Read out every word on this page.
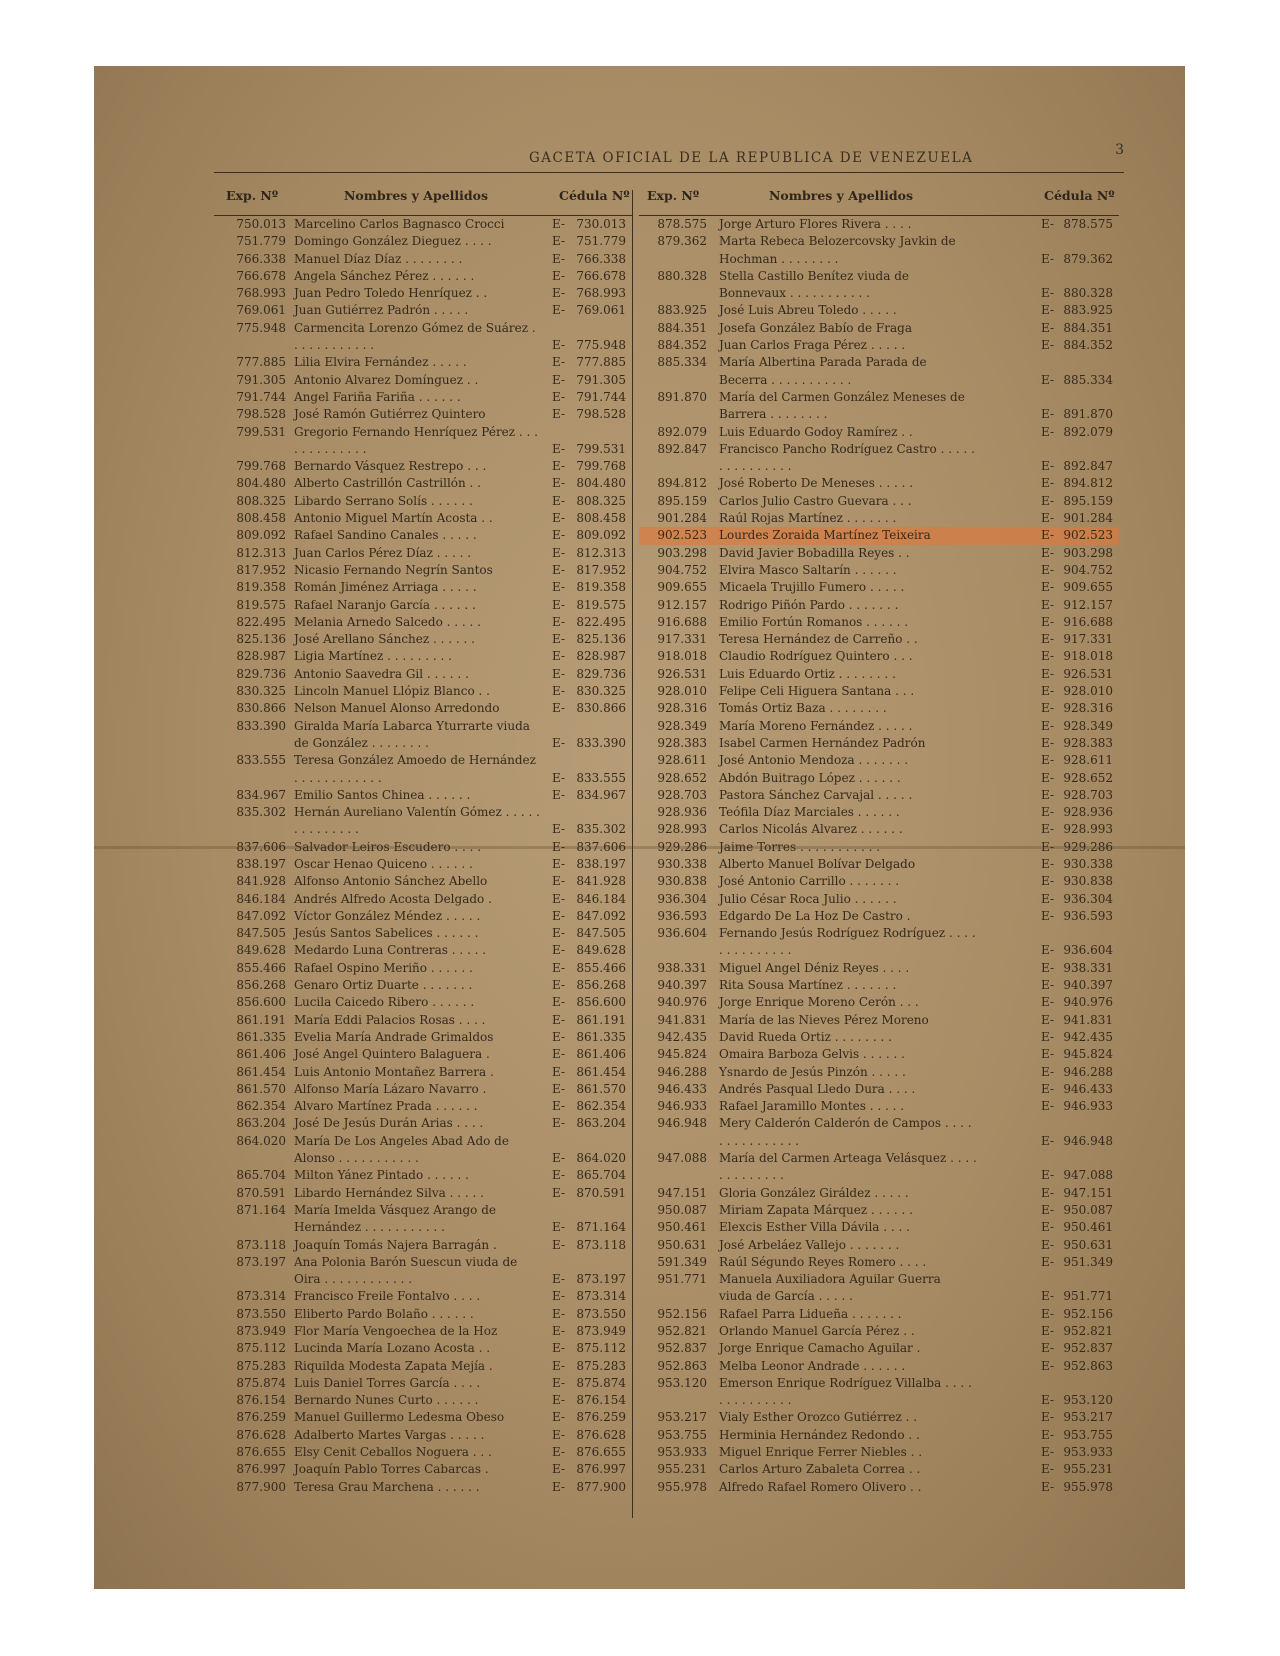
GACETA OFICIAL DE LA REPUBLICA DE VENEZUELA	3
Exp. Nº	Nombres y Apellidos	Cédula Nº
750.013 Marcelino Carlos Bagnasco Crocci	E- 730.013
751.779 Domingo González Dieguez . . . .	E- 751.779
766.338 Manuel Díaz Díaz . . . . . . . .	E- 766.338
766.678 Angela Sánchez Pérez . . . . . .	E- 766.678
768.993 Juan Pedro Toledo Henríquez . .	E- 768.993
769.061 Juan Gutiérrez Padrón . . . . .	E- 769.061
775.948 Carmencita Lorenzo Gómez de Suárez . . . . . . . . . . . .	E- 775.948
777.885 Lilia Elvira Fernández . . . . .	E- 777.885
791.305 Antonio Alvarez Domínguez . .	E- 791.305
791.744 Angel Fariña Fariña . . . . . .	E- 791.744
798.528 José Ramón Gutiérrez Quintero	E- 798.528
799.531 Gregorio Fernando Henríquez Pérez . . . . . . . . . . . . .	E- 799.531
799.768 Bernardo Vásquez Restrepo . . .	E- 799.768
804.480 Alberto Castrillón Castrillón . .	E- 804.480
808.325 Libardo Serrano Solís . . . . . .	E- 808.325
808.458 Antonio Miguel Martín Acosta . .	E- 808.458
809.092 Rafael Sandino Canales . . . . .	E- 809.092
812.313 Juan Carlos Pérez Díaz . . . . .	E- 812.313
817.952 Nicasio Fernando Negrín Santos	E- 817.952
819.358 Román Jiménez Arriaga . . . . .	E- 819.358
819.575 Rafael Naranjo García . . . . . .	E- 819.575
822.495 Melania Arnedo Salcedo . . . . .	E- 822.495
825.136 José Arellano Sánchez . . . . . .	E- 825.136
828.987 Ligia Martínez . . . . . . . . .	E- 828.987
829.736 Antonio Saavedra Gil . . . . . .	E- 829.736
830.325 Lincoln Manuel Llópiz Blanco . .	E- 830.325
830.866 Nelson Manuel Alonso Arredondo	E- 830.866
833.390 Giralda María Labarca Yturrarte viuda de González . . . . . . . .	E- 833.390
833.555 Teresa González Amoedo de Hernández . . . . . . . . . . . .	E- 833.555
834.967 Emilio Santos Chinea . . . . . .	E- 834.967
835.302 Hernán Aureliano Valentín Gómez . . . . . . . . . . . . . .	E- 835.302
837.606 Salvador Leiros Escudero . . . .	E- 837.606
838.197 Oscar Henao Quiceno . . . . . .	E- 838.197
841.928 Alfonso Antonio Sánchez Abello	E- 841.928
846.184 Andrés Alfredo Acosta Delgado .	E- 846.184
847.092 Víctor González Méndez . . . . .	E- 847.092
847.505 Jesús Santos Sabelices . . . . . .	E- 847.505
849.628 Medardo Luna Contreras . . . . .	E- 849.628
855.466 Rafael Ospino Meriño . . . . . .	E- 855.466
856.268 Genaro Ortiz Duarte . . . . . . .	E- 856.268
856.600 Lucila Caicedo Ribero . . . . . .	E- 856.600
861.191 María Eddi Palacios Rosas . . . .	E- 861.191
861.335 Evelia María Andrade Grimaldos	E- 861.335
861.406 José Angel Quintero Balaguera .	E- 861.406
861.454 Luis Antonio Montañez Barrera .	E- 861.454
861.570 Alfonso María Lázaro Navarro .	E- 861.570
862.354 Alvaro Martínez Prada . . . . . .	E- 862.354
863.204 José De Jesús Durán Arias . . . .	E- 863.204
864.020 María De Los Angeles Abad Ado de Alonso . . . . . . . . . . .	E- 864.020
865.704 Milton Yánez Pintado . . . . . .	E- 865.704
870.591 Libardo Hernández Silva . . . . .	E- 870.591
871.164 María Imelda Vásquez Arango de Hernández . . . . . . . . . . .	E- 871.164
873.118 Joaquín Tomás Najera Barragán .	E- 873.118
873.197 Ana Polonia Barón Suescun viuda de Oira . . . . . . . . . . . .	E- 873.197
873.314 Francisco Freile Fontalvo . . . .	E- 873.314
873.550 Eliberto Pardo Bolaño . . . . . .	E- 873.550
873.949 Flor María Vengoechea de la Hoz	E- 873.949
875.112 Lucinda María Lozano Acosta . .	E- 875.112
875.283 Riquilda Modesta Zapata Mejía .	E- 875.283
875.874 Luis Daniel Torres García . . . .	E- 875.874
876.154 Bernardo Nunes Curto . . . . . .	E- 876.154
876.259 Manuel Guillermo Ledesma Obeso	E- 876.259
876.628 Adalberto Martes Vargas . . . . .	E- 876.628
876.655 Elsy Cenit Ceballos Noguera . . .	E- 876.655
876.997 Joaquín Pablo Torres Cabarcas .	E- 876.997
877.900 Teresa Grau Marchena . . . . . .	E- 877.900
Exp. Nº	Nombres y Apellidos	Cédula Nº
878.575 Jorge Arturo Flores Rivera . . . .	E- 878.575
879.362 Marta Rebeca Belozercovsky Javkin de Hochman . . . . . . . .	E- 879.362
880.328 Stella Castillo Benítez viuda de Bonnevaux . . . . . . . . . . .	E- 880.328
883.925 José Luis Abreu Toledo . . . . .	E- 883.925
884.351 Josefa González Babío de Fraga	E- 884.351
884.352 Juan Carlos Fraga Pérez . . . . .	E- 884.352
885.334 María Albertina Parada Parada de Becerra . . . . . . . . . . .	E- 885.334
891.870 María del Carmen González Meneses de Barrera . . . . . . . .	E- 891.870
892.079 Luis Eduardo Godoy Ramírez . .	E- 892.079
892.847 Francisco Pancho Rodríguez Castro . . . . . . . . . . . . . . .	E- 892.847
894.812 José Roberto De Meneses . . . . .	E- 894.812
895.159 Carlos Julio Castro Guevara . . .	E- 895.159
901.284 Raúl Rojas Martínez . . . . . . .	E- 901.284
902.523 Lourdes Zoraida Martínez Teixeira	E- 902.523
903.298 David Javier Bobadilla Reyes . .	E- 903.298
904.752 Elvira Masco Saltarín . . . . . .	E- 904.752
909.655 Micaela Trujillo Fumero . . . . .	E- 909.655
912.157 Rodrigo Piñón Pardo . . . . . . .	E- 912.157
916.688 Emilio Fortún Romanos . . . . . .	E- 916.688
917.331 Teresa Hernández de Carreño . .	E- 917.331
918.018 Claudio Rodríguez Quintero . . .	E- 918.018
926.531 Luis Eduardo Ortiz . . . . . . . .	E- 926.531
928.010 Felipe Celi Higuera Santana . . .	E- 928.010
928.316 Tomás Ortiz Baza . . . . . . . .	E- 928.316
928.349 María Moreno Fernández . . . . .	E- 928.349
928.383 Isabel Carmen Hernández Padrón	E- 928.383
928.611 José Antonio Mendoza . . . . . . .	E- 928.611
928.652 Abdón Buitrago López . . . . . .	E- 928.652
928.703 Pastora Sánchez Carvajal . . . . .	E- 928.703
928.936 Teófila Díaz Marciales . . . . . .	E- 928.936
928.993 Carlos Nicolás Alvarez . . . . . .	E- 928.993
929.286 Jaime Torres . . . . . . . . . . .	E- 929.286
930.338 Alberto Manuel Bolívar Delgado	E- 930.338
930.838 José Antonio Carrillo . . . . . . .	E- 930.838
936.304 Julio César Roca Julio . . . . . .	E- 936.304
936.593 Edgardo De La Hoz De Castro .	E- 936.593
936.604 Fernando Jesús Rodríguez Rodríguez . . . . . . . . . . . . . .	E- 936.604
938.331 Miguel Angel Déniz Reyes . . . .	E- 938.331
940.397 Rita Sousa Martínez . . . . . . .	E- 940.397
940.976 Jorge Enrique Moreno Cerón . . .	E- 940.976
941.831 María de las Nieves Pérez Moreno	E- 941.831
942.435 David Rueda Ortiz . . . . . . . .	E- 942.435
945.824 Omaira Barboza Gelvis . . . . . .	E- 945.824
946.288 Ysnardo de Jesús Pinzón . . . . .	E- 946.288
946.433 Andrés Pasqual Lledo Dura . . . .	E- 946.433
946.933 Rafael Jaramillo Montes . . . . .	E- 946.933
946.948 Mery Calderón Calderón de Campos . . . . . . . . . . . . . . .	E- 946.948
947.088 María del Carmen Arteaga Velásquez . . . . . . . . . . . . .	E- 947.088
947.151 Gloria González Giráldez . . . . .	E- 947.151
950.087 Miriam Zapata Márquez . . . . . .	E- 950.087
950.461 Elexcis Esther Villa Dávila . . . .	E- 950.461
950.631 José Arbeláez Vallejo . . . . . . .	E- 950.631
591.349 Raúl Ségundo Reyes Romero . . . .	E- 951.349
951.771 Manuela Auxiliadora Aguilar Guerra viuda de García . . . . .	E- 951.771
952.156 Rafael Parra Lidueña . . . . . . .	E- 952.156
952.821 Orlando Manuel García Pérez . .	E- 952.821
952.837 Jorge Enrique Camacho Aguilar .	E- 952.837
952.863 Melba Leonor Andrade . . . . . .	E- 952.863
953.120 Emerson Enrique Rodríguez Villalba . . . . . . . . . . . . . .	E- 953.120
953.217 Vialy Esther Orozco Gutiérrez . .	E- 953.217
953.755 Herminia Hernández Redondo . .	E- 953.755
953.933 Miguel Enrique Ferrer Niebles . .	E- 953.933
955.231 Carlos Arturo Zabaleta Correa . .	E- 955.231
955.978 Alfredo Rafael Romero Olivero . .	E- 955.978
